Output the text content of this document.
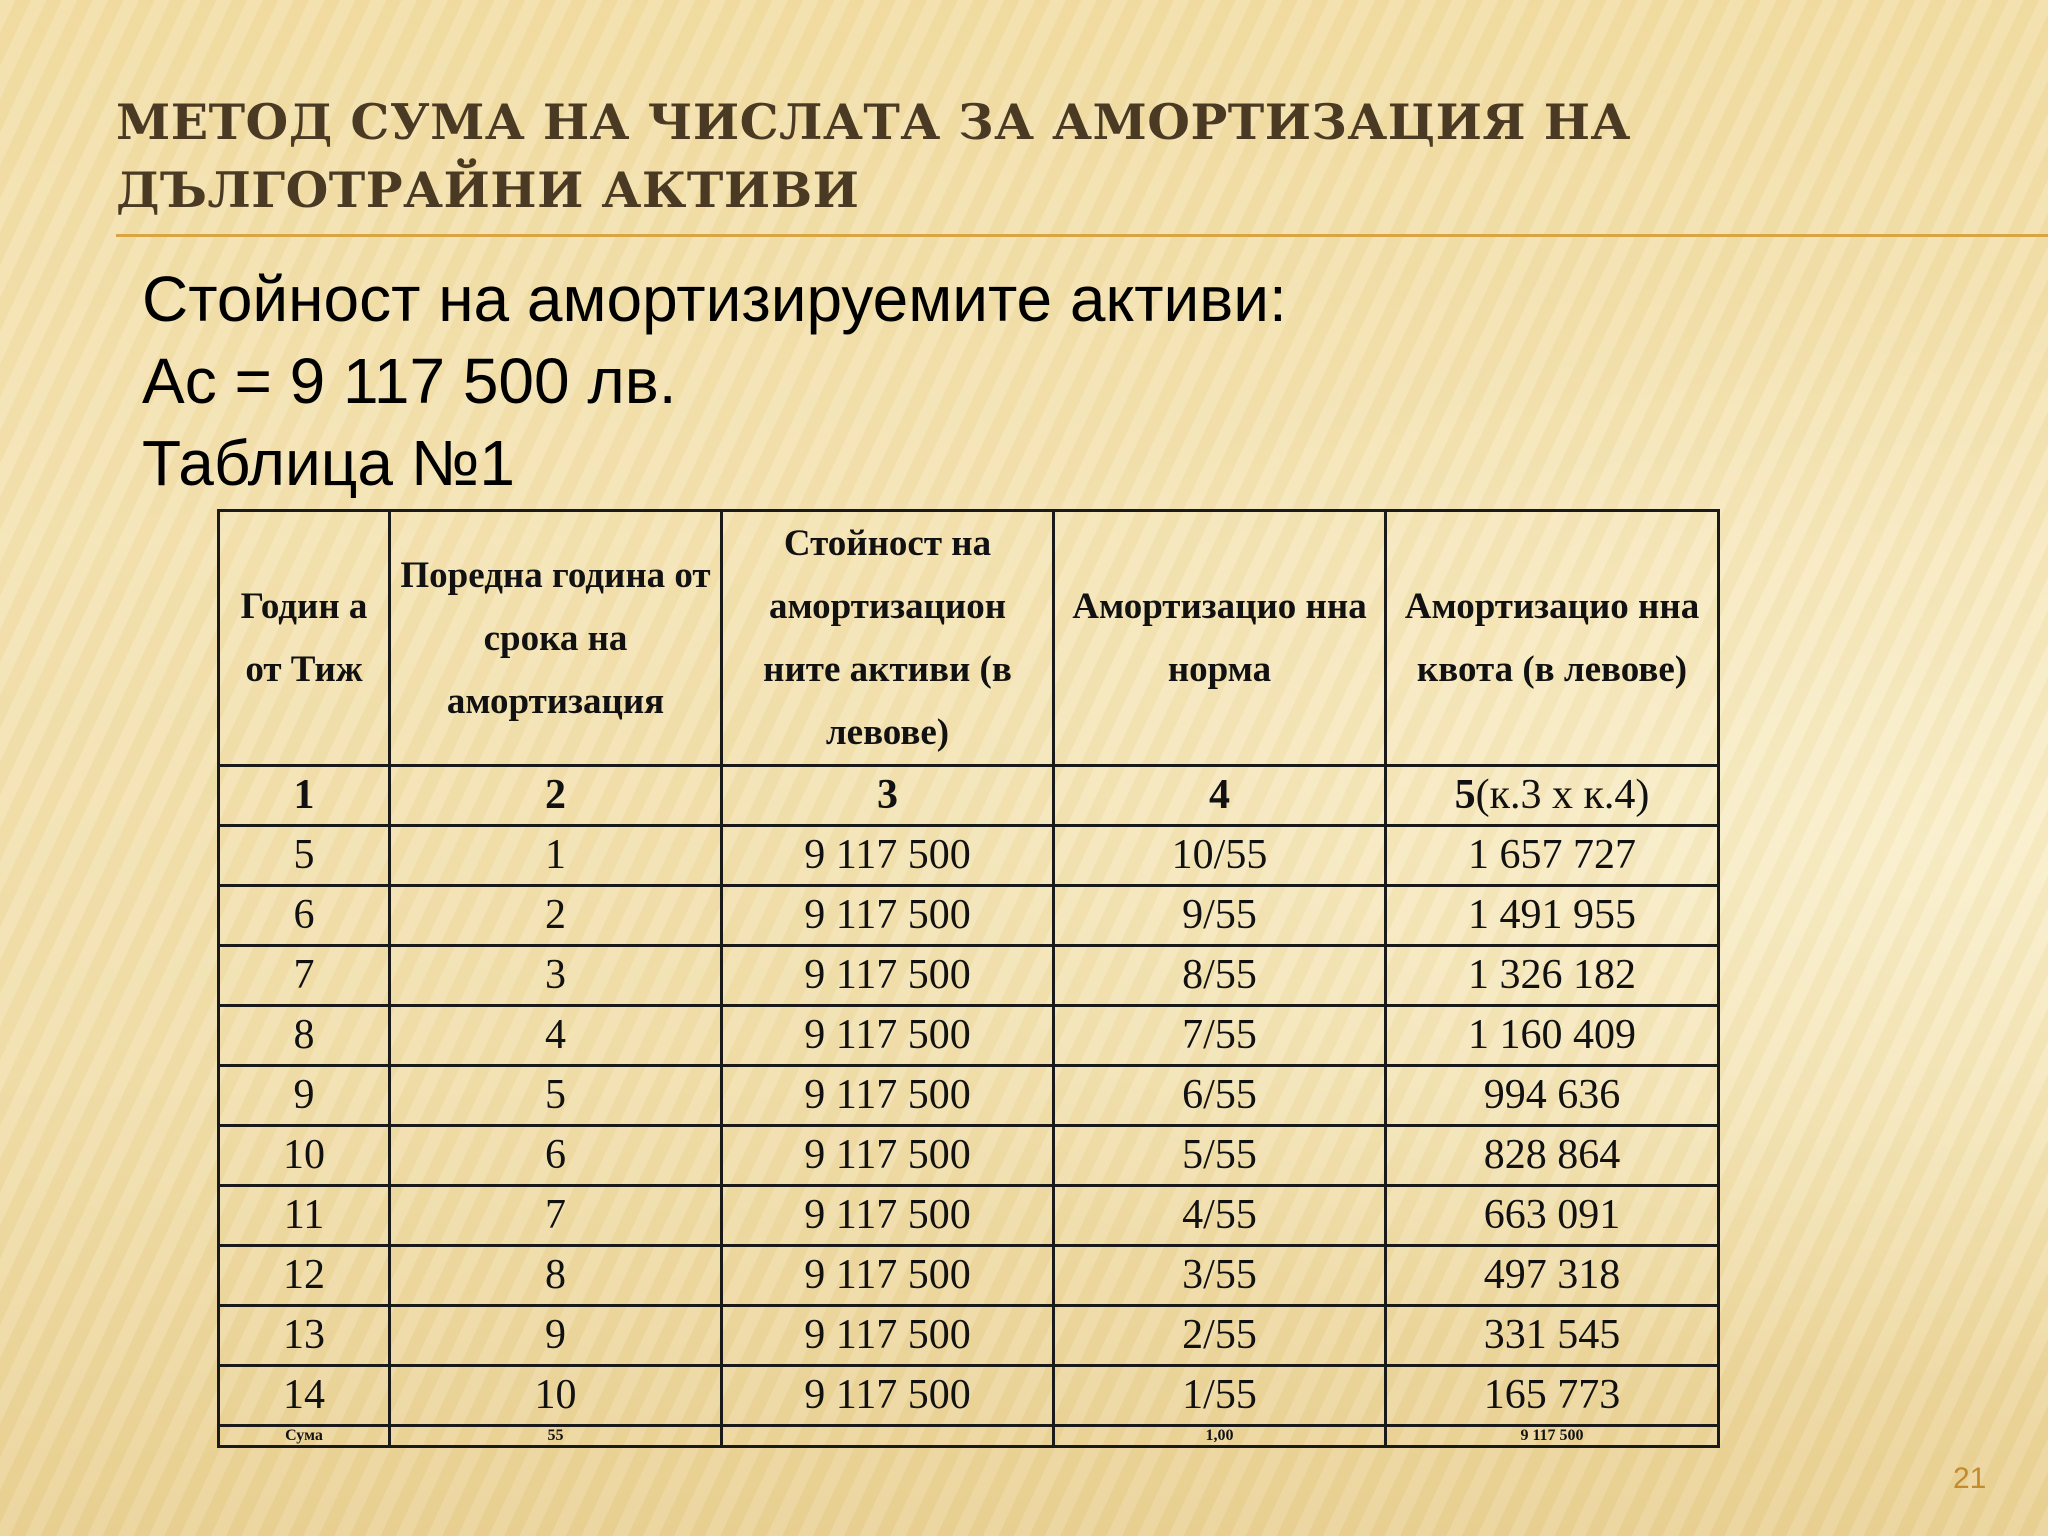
МЕТОД СУМА НА ЧИСЛАТА ЗА АМОРТИЗАЦИЯ НА ДЪЛГОТРАЙНИ АКТИВИ
Стойност на амортизируемите активи:
Ас = 9 117 500 лв.
Таблица №1
Годин а от Тиж	Поредна година от срока на амортизация	Стойност на амортизацион ните активи (в левове)	Амортизацио нна норма	Амортизацио нна квота (в левове)
1	2	3	4	5(к.3 х к.4)
5	1	9 117 500	10/55	1 657 727
6	2	9 117 500	9/55	1 491 955
7	3	9 117 500	8/55	1 326 182
8	4	9 117 500	7/55	1 160 409
9	5	9 117 500	6/55	994 636
10	6	9 117 500	5/55	828 864
11	7	9 117 500	4/55	663 091
12	8	9 117 500	3/55	497 318
13	9	9 117 500	2/55	331 545
14	10	9 117 500	1/55	165 773
Сума	55		1,00	9 117 500
21
